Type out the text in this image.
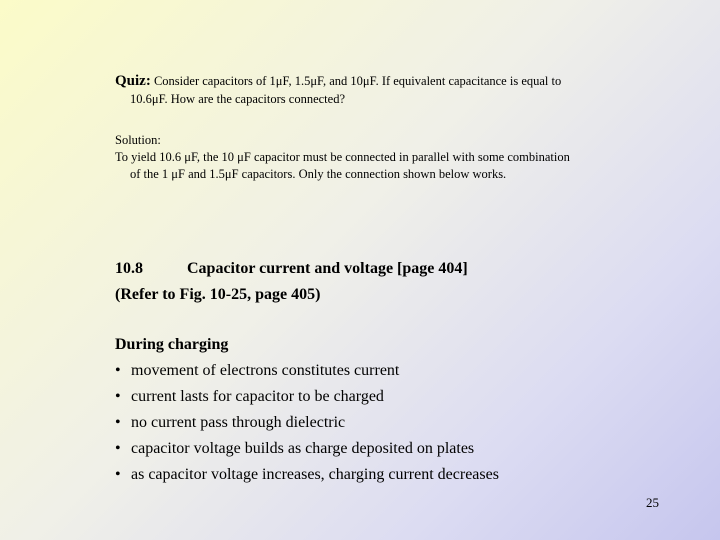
Quiz: Consider capacitors of 1μF, 1.5μF, and 10μF. If equivalent capacitance is equal to
10.6μF. How are the capacitors connected?
Solution:
To yield 10.6 μF, the 10 μF capacitor must be connected in parallel with some combination
of the 1 μF and 1.5μF capacitors. Only the connection shown below works.
10.8	Capacitor current and voltage [page 404]
(Refer to Fig. 10-25, page 405)
During charging
• movement of electrons constitutes current
• current lasts for capacitor to be charged
• no current pass through dielectric
• capacitor voltage builds as charge deposited on plates
• as capacitor voltage increases, charging current decreases
25
